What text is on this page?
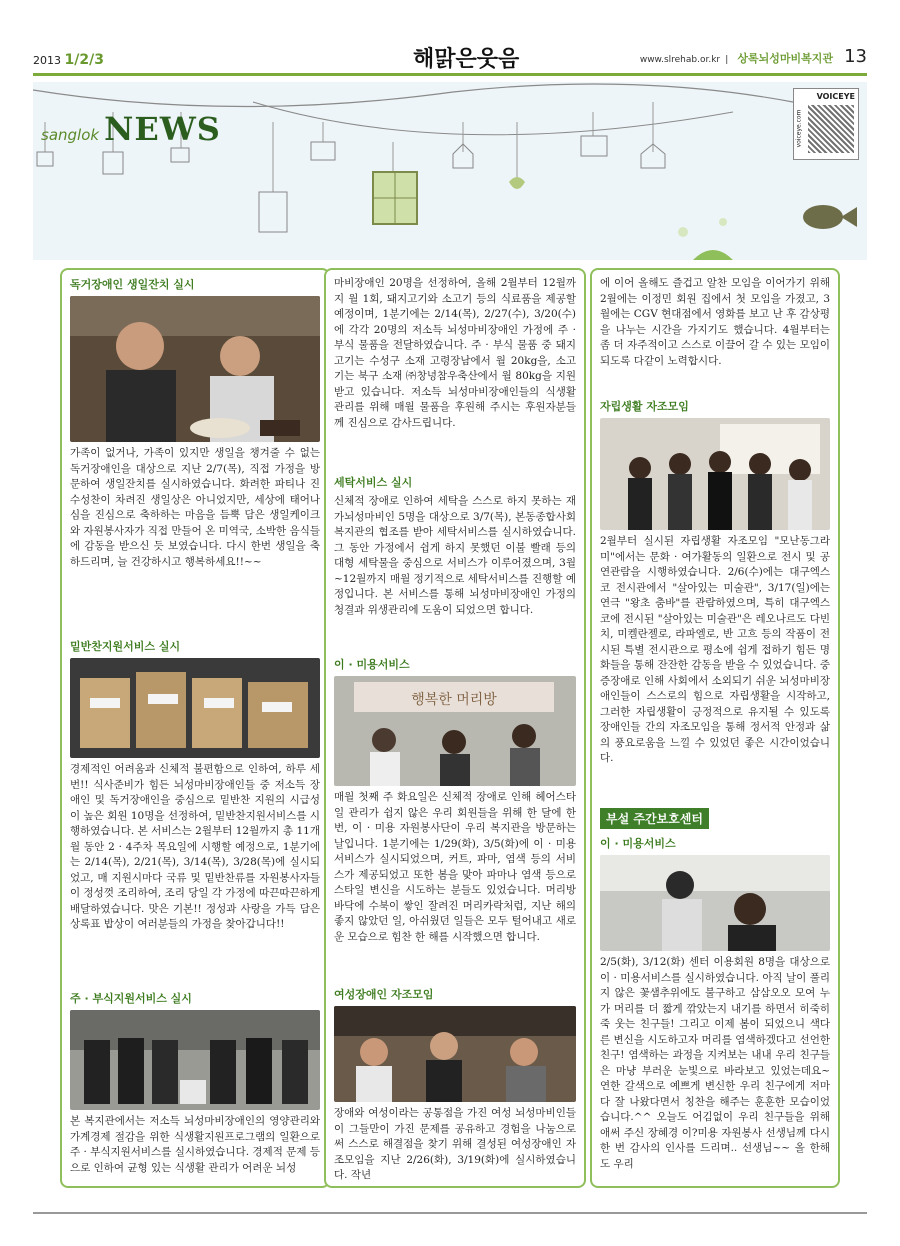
2013 1/2/3	해맑은웃음	www.slrehab.or.kr | 상록뇌성마비복지관 13
sanglok NEWS
VOICEYE
voiceye.com

독거장애인 생일잔치 실시

가족이 없거나, 가족이 있지만 생일을 챙겨줄 수 없는 독거장애인을 대상으로 지난 2/7(목), 직접 가정을 방문하여 생일잔치를 실시하였습니다. 화려한 파티나 진수성찬이 차려진 생일상은 아니었지만, 세상에 태어나심을 진심으로 축하하는 마음을 듬뿍 담은 생일케이크와 자원봉사자가 직접 만들어 온 미역국, 소박한 음식들에 감동을 받으신 듯 보였습니다. 다시 한번 생일을 축하드리며, 늘 건강하시고 행복하세요!!~~

밑반찬지원서비스 실시

경제적인 어려움과 신체적 불편함으로 인하여, 하루 세 번!! 식사준비가 힘든 뇌성마비장애인들 중 저소득 장애인 및 독거장애인을 중심으로 밑반찬 지원의 시급성이 높은 회원 10명을 선정하여, 밑반찬지원서비스를 시행하였습니다. 본 서비스는 2월부터 12월까지 총 11개월 동안 2 · 4주차 목요일에 시행할 예정으로, 1분기에는 2/14(목), 2/21(목), 3/14(목), 3/28(목)에 실시되었고, 매 지원시마다 국류 및 밑반찬류를 자원봉사자들이 정성껏 조리하여, 조리 당일 각 가정에 따끈따끈하게 배달하였습니다. 맛은 기본!! 정성과 사랑을 가득 담은 상록표 밥상이 여러분들의 가정을 찾아갑니다!!

주 · 부식지원서비스 실시

본 복지관에서는 저소득 뇌성마비장애인의 영양관리와 가계경제 절감을 위한 식생활지원프로그램의 일환으로 주 · 부식지원서비스를 실시하였습니다. 경제적 문제 등으로 인하여 균형 있는 식생활 관리가 어려운 뇌성

마비장애인 20명을 선정하여, 올해 2월부터 12월까지 월 1회, 돼지고기와 소고기 등의 식료품을 제공할 예정이며, 1분기에는 2/14(목), 2/27(수), 3/20(수)에 각각 20명의 저소득 뇌성마비장애인 가정에 주 · 부식 물품을 전달하였습니다. 주 · 부식 물품 중 돼지고기는 수성구 소재 고령장남에서 월 20kg을, 소고기는 북구 소재 ㈜창녕참우축산에서 월 80kg을 지원받고 있습니다. 저소득 뇌성마비장애인들의 식생활 관리를 위해 매월 물품을 후원해 주시는 후원자분들께 진심으로 감사드립니다.

세탁서비스 실시

신체적 장애로 인하여 세탁을 스스로 하지 못하는 재가뇌성마비인 5명을 대상으로 3/7(목), 본동종합사회복지관의 협조를 받아 세탁서비스를 실시하였습니다. 그 동안 가정에서 쉽게 하지 못했던 이불 빨래 등의 대형 세탁물을 중심으로 서비스가 이루어졌으며, 3월~12월까지 매월 정기적으로 세탁서비스를 진행할 예정입니다. 본 서비스를 통해 뇌성마비장애인 가정의 청결과 위생관리에 도움이 되었으면 합니다.

이 · 미용서비스

행복한 머리방

매월 첫째 주 화요일은 신체적 장애로 인해 헤어스타일 관리가 쉽지 않은 우리 회원들을 위해 한 달에 한 번, 이 · 미용 자원봉사단이 우리 복지관을 방문하는 날입니다. 1분기에는 1/29(화), 3/5(화)에 이 · 미용서비스가 실시되었으며, 커트, 파마, 염색 등의 서비스가 제공되었고 또한 봄을 맞아 파마나 염색 등으로 스타일 변신을 시도하는 분들도 있었습니다. 머리방 바닥에 수북이 쌓인 잘려진 머리카락처럼, 지난 해의 좋지 않았던 일, 아쉬웠던 일들은 모두 털어내고 새로운 모습으로 힘찬 한 해를 시작했으면 합니다.

여성장애인 자조모임

장애와 여성이라는 공통점을 가진 여성 뇌성마비인들이 그들만이 가진 문제를 공유하고 경험을 나눔으로써 스스로 해결점을 찾기 위해 결성된 여성장애인 자조모임을 지난 2/26(화), 3/19(화)에 실시하였습니다. 작년

에 이어 올해도 즐겁고 알찬 모임을 이어가기 위해 2월에는 이정민 회원 집에서 첫 모임을 가졌고, 3월에는 CGV 현대점에서 영화를 보고 난 후 감상평을 나누는 시간을 가지기도 했습니다. 4월부터는 좀 더 자주적이고 스스로 이끌어 갈 수 있는 모임이 되도록 다같이 노력합시다.

자립생활 자조모임

2월부터 실시된 자립생활 자조모임 "모난동그라미"에서는 문화 · 여가활동의 일환으로 전시 및 공연관람을 시행하였습니다. 2/6(수)에는 대구엑스코 전시관에서 "살아있는 미술관", 3/17(일)에는 연극 "왕초 춤바"를 관람하였으며, 특히 대구엑스코에 전시된 "살아있는 미술관"은 레오나르도 다빈치, 미켈란젤로, 라파엘로, 반 고흐 등의 작품이 전시된 특별 전시관으로 평소에 쉽게 접하기 힘든 명화들을 통해 잔잔한 감동을 받을 수 있었습니다. 중증장애로 인해 사회에서 소외되기 쉬운 뇌성마비장애인들이 스스로의 힘으로 자립생활을 시작하고, 그러한 자립생활이 긍정적으로 유지될 수 있도록 장애인들 간의 자조모임을 통해 정서적 안정과 삶의 풍요로움을 느낄 수 있었던 좋은 시간이었습니다.

부설 주간보호센터

이 · 미용서비스

2/5(화), 3/12(화) 센터 이용회원 8명을 대상으로 이 · 미용서비스를 실시하였습니다. 아직 날이 풀리지 않은 꽃샘추위에도 불구하고 삼삼오오 모여 누가 머리를 더 짧게 깎았는지 내기를 하면서 히죽히죽 웃는 친구들! 그리고 이제 봄이 되었으니 색다른 변신을 시도하고자 머리를 염색하겠다고 선언한 친구! 염색하는 과정을 지켜보는 내내 우리 친구들은 마냥 부러운 눈빛으로 바라보고 있었는데요~ 연한 갈색으로 예쁘게 변신한 우리 친구에게 저마다 잘 나왔다면서 칭찬을 해주는 훈훈한 모습이었습니다.^^ 오늘도 어김없이 우리 친구들을 위해 애써 주신 장혜경 이?미용 자원봉사 선생님께 다시 한 번 감사의 인사를 드리며.. 선생님~~ 올 한해도 우리
